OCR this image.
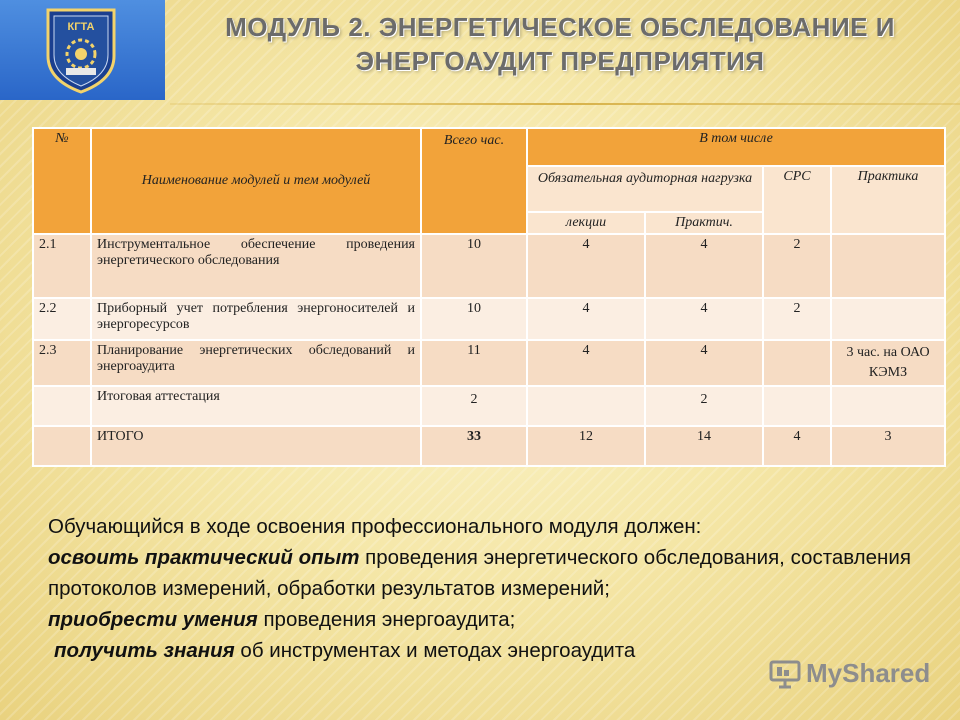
КГТА	МОДУЛЬ 2. ЭНЕРГЕТИЧЕСКОЕ ОБСЛЕДОВАНИЕ И
ЭНЕРГОАУДИТ ПРЕДПРИЯТИЯ
№	Наименование модулей и тем модулей	Всего час.	В том числе			
			Обязательная аудиторная нагрузка		СРС	Практика
			лекции	Практич.		
2.1	Инструментальное обеспечение проведения энергетического обследования	10	4	4	2	
2.2	Приборный учет потребления энергоносителей и энергоресурсов	10	4	4	2	
2.3	Планирование энергетических обследований и энергоаудита	11	4	4		3 час. на ОАО КЭМЗ
	Итоговая аттестация	2		2		
	ИТОГО	33	12	14	4	3

Обучающийся в ходе освоения профессионального модуля должен:

освоить практический опыт проведения энергетического обследования, составления протоколов измерений, обработки результатов измерений;

приобрести умения проведения энергоаудита;

получить знания об инструментах и методах энергоаудита

MyShared
